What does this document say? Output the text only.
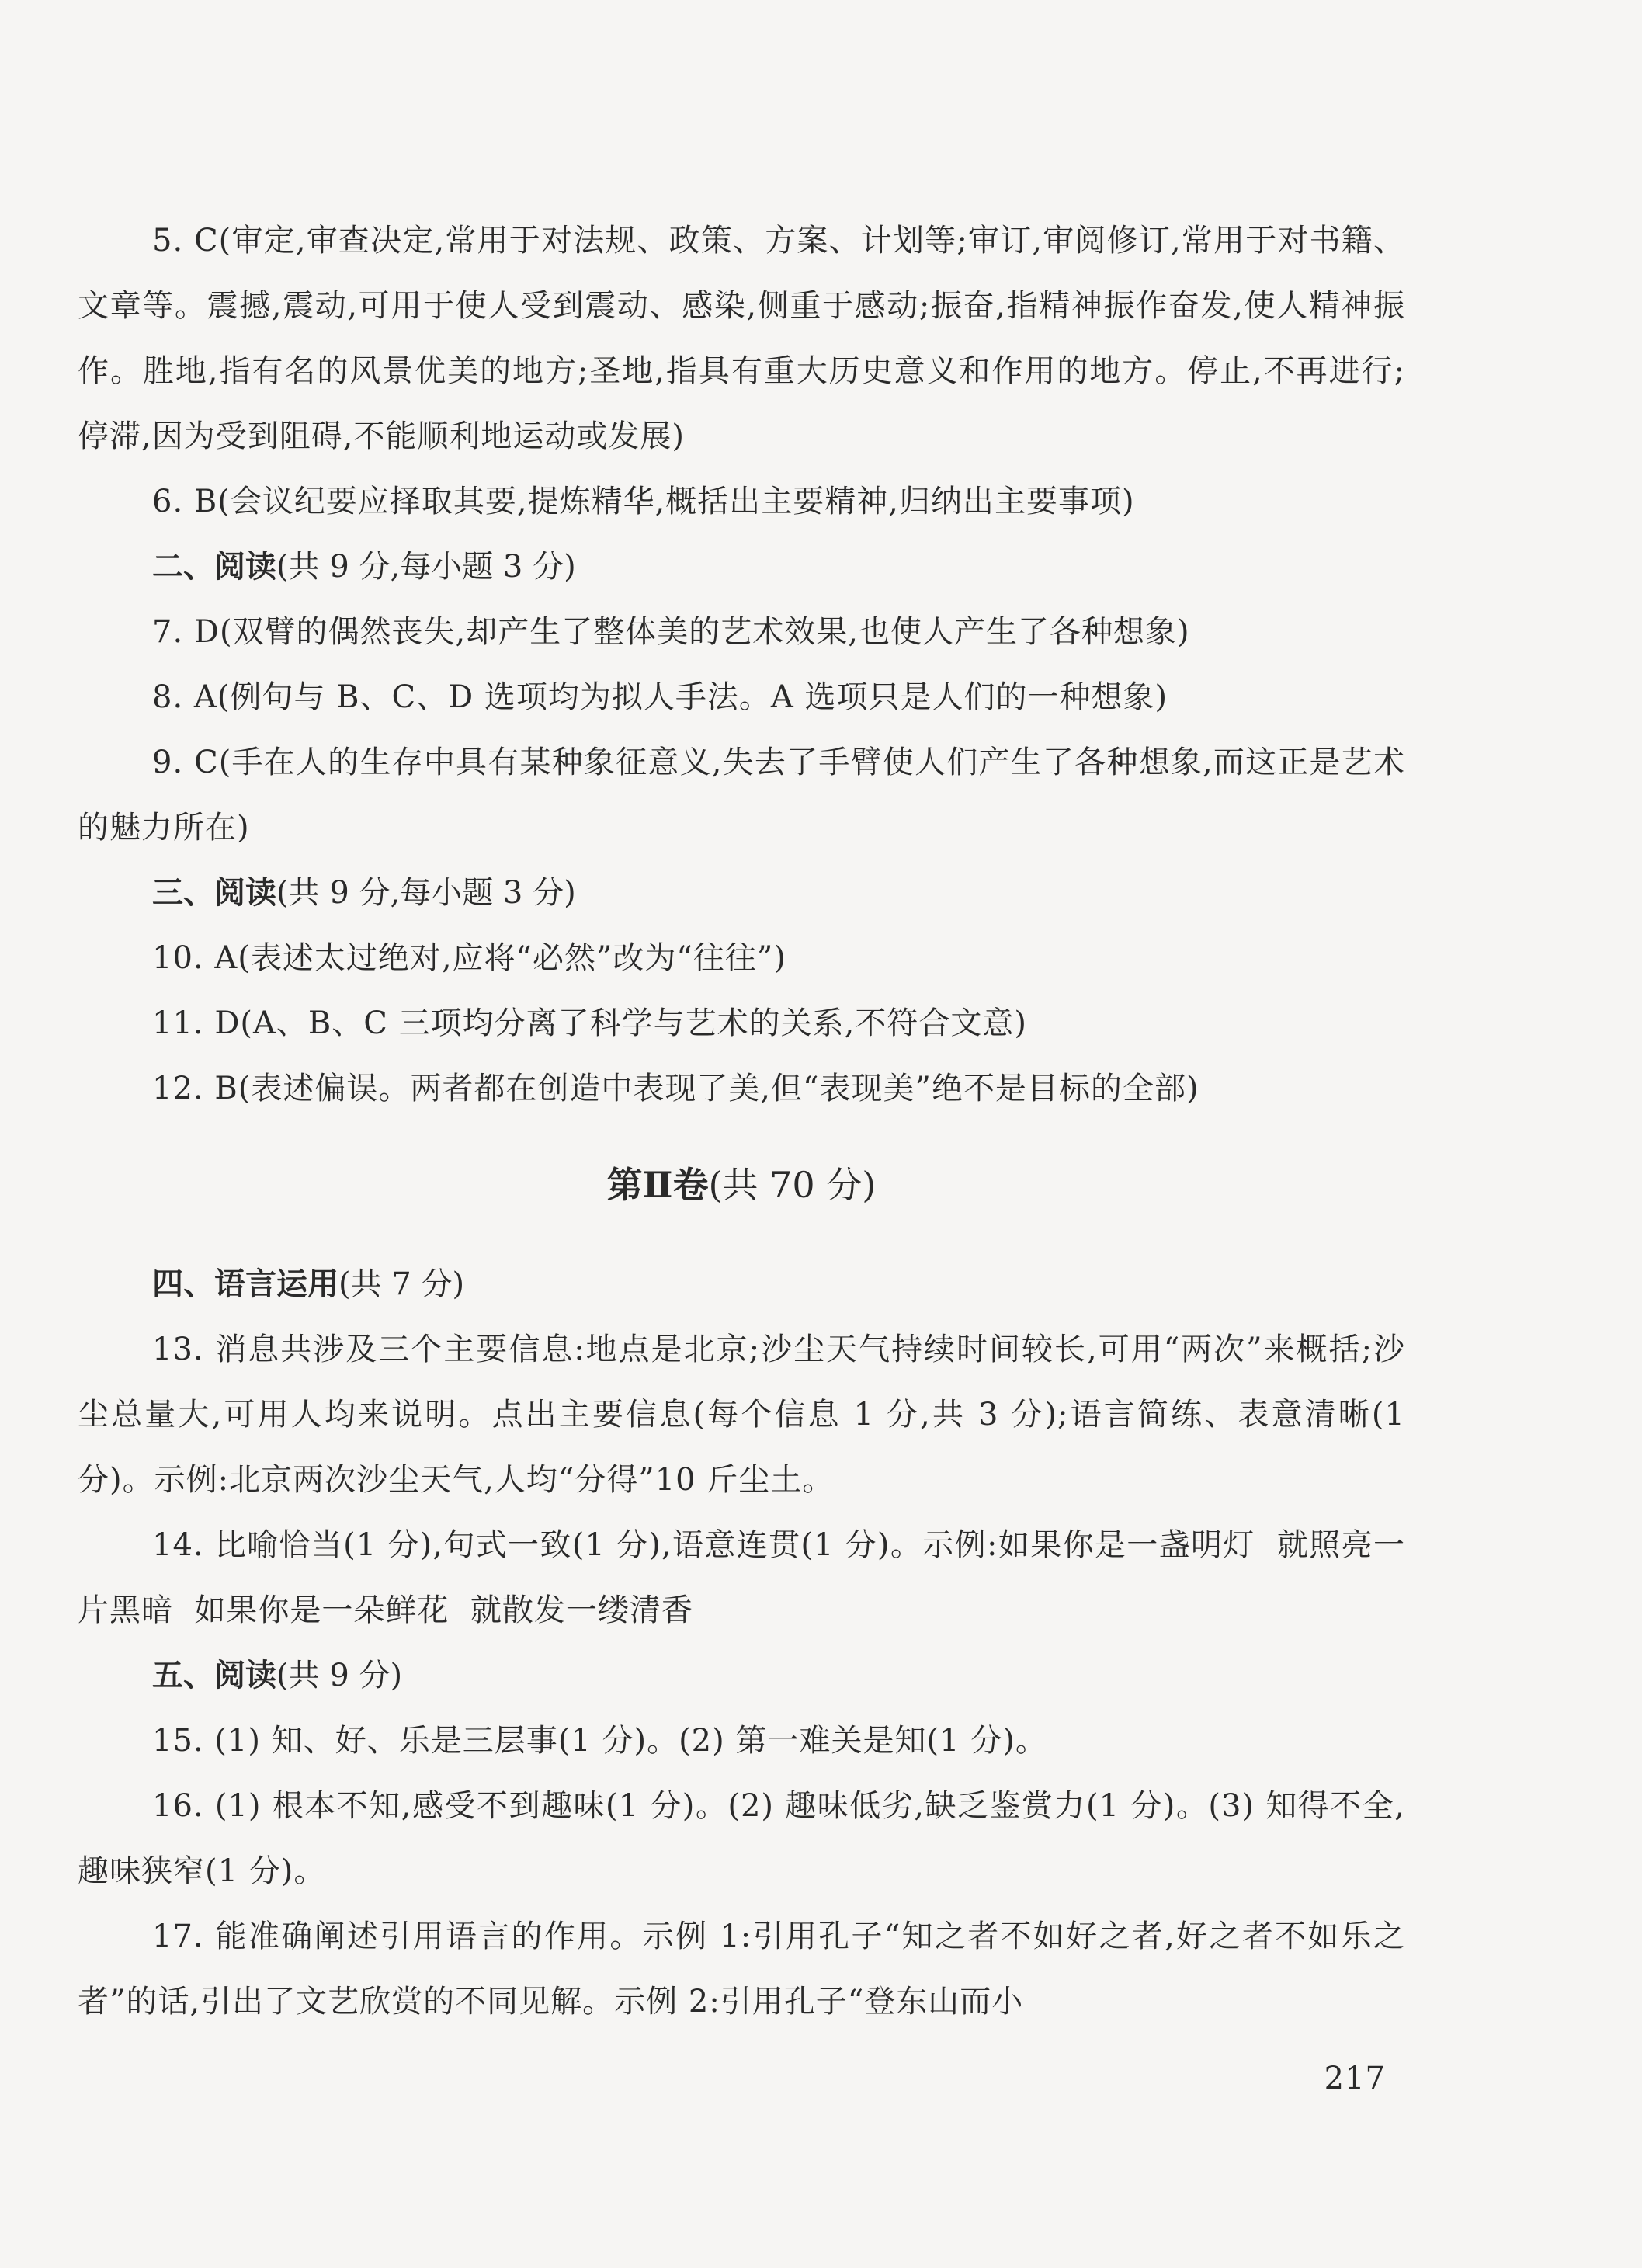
5. C(审定,审查决定,常用于对法规、政策、方案、计划等;审订,审阅修订,常用于对书籍、文章等。震撼,震动,可用于使人受到震动、感染,侧重于感动;振奋,指精神振作奋发,使人精神振作。胜地,指有名的风景优美的地方;圣地,指具有重大历史意义和作用的地方。停止,不再进行;停滞,因为受到阻碍,不能顺利地运动或发展)

6. B(会议纪要应择取其要,提炼精华,概括出主要精神,归纳出主要事项)

二、阅读(共 9 分,每小题 3 分)

7. D(双臂的偶然丧失,却产生了整体美的艺术效果,也使人产生了各种想象)

8. A(例句与 B、C、D 选项均为拟人手法。A 选项只是人们的一种想象)

9. C(手在人的生存中具有某种象征意义,失去了手臂使人们产生了各种想象,而这正是艺术的魅力所在)

三、阅读(共 9 分,每小题 3 分)

10. A(表述太过绝对,应将“必然”改为“往往”)

11. D(A、B、C 三项均分离了科学与艺术的关系,不符合文意)

12. B(表述偏误。两者都在创造中表现了美,但“表现美”绝不是目标的全部)

第Ⅱ卷(共 70 分)

四、语言运用(共 7 分)

13. 消息共涉及三个主要信息:地点是北京;沙尘天气持续时间较长,可用“两次”来概括;沙尘总量大,可用人均来说明。点出主要信息(每个信息 1 分,共 3 分);语言简练、表意清晰(1 分)。示例:北京两次沙尘天气,人均“分得”10 斤尘土。

14. 比喻恰当(1 分),句式一致(1 分),语意连贯(1 分)。示例:如果你是一盏明灯  就照亮一片黑暗  如果你是一朵鲜花  就散发一缕清香

五、阅读(共 9 分)

15. (1) 知、好、乐是三层事(1 分)。(2) 第一难关是知(1 分)。

16. (1) 根本不知,感受不到趣味(1 分)。(2) 趣味低劣,缺乏鉴赏力(1 分)。(3) 知得不全,趣味狭窄(1 分)。

17. 能准确阐述引用语言的作用。示例 1:引用孔子“知之者不如好之者,好之者不如乐之者”的话,引出了文艺欣赏的不同见解。示例 2:引用孔子“登东山而小

217
